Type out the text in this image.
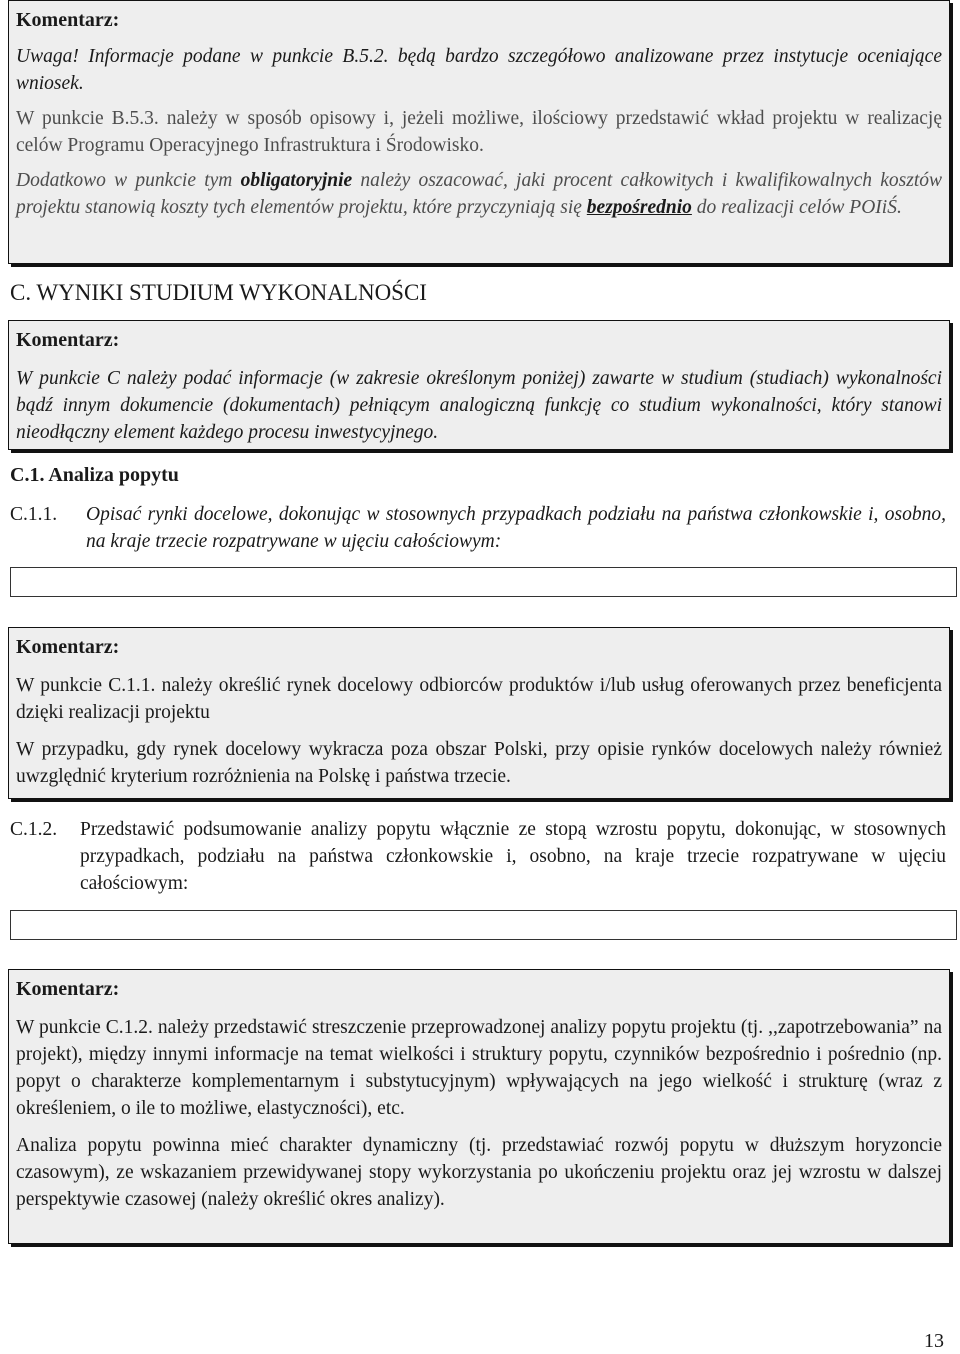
Komentarz:

Uwaga! Informacje podane w punkcie B.5.2. będą bardzo szczegółowo analizowane przez instytucje oceniające wniosek.

W punkcie B.5.3. należy w sposób opisowy i, jeżeli możliwe, ilościowy przedstawić wkład projektu w realizację celów Programu Operacyjnego Infrastruktura i Środowisko.

Dodatkowo w punkcie tym obligatoryjnie należy oszacować, jaki procent całkowitych i kwalifikowalnych kosztów projektu stanowią koszty tych elementów projektu, które przyczyniają się bezpośrednio do realizacji celów POIiŚ.

C. WYNIKI STUDIUM WYKONALNOŚCI
Komentarz:

W punkcie C należy podać informacje (w zakresie określonym poniżej) zawarte w studium (studiach) wykonalności bądź innym dokumencie (dokumentach) pełniącym analogiczną funkcję co studium wykonalności, który stanowi nieodłączny element każdego procesu inwestycyjnego.

C.1. Analiza popytu
C.1.1. Opisać rynki docelowe, dokonując w stosownych przypadkach podziału na państwa członkowskie i, osobno, na kraje trzecie rozpatrywane w ujęciu całościowym:
Komentarz:

W punkcie C.1.1. należy określić rynek docelowy odbiorców produktów i/lub usług oferowanych przez beneficjenta dzięki realizacji projektu

W przypadku, gdy rynek docelowy wykracza poza obszar Polski, przy opisie rynków docelowych należy również uwzględnić kryterium rozróżnienia na Polskę i państwa trzecie.

C.1.2. Przedstawić podsumowanie analizy popytu włącznie ze stopą wzrostu popytu, dokonując, w stosownych przypadkach, podziału na państwa członkowskie i, osobno, na kraje trzecie rozpatrywane w ujęciu całościowym:
Komentarz:

W punkcie C.1.2. należy przedstawić streszczenie przeprowadzonej analizy popytu projektu (tj. ,,zapotrzebowania” na projekt), między innymi informacje na temat wielkości i struktury popytu, czynników bezpośrednio i pośrednio (np. popyt o charakterze komplementarnym i substytucyjnym) wpływających na jego wielkość i strukturę (wraz z określeniem, o ile to możliwe, elastyczności), etc.

Analiza popytu powinna mieć charakter dynamiczny (tj. przedstawiać rozwój popytu w dłuższym horyzoncie czasowym), ze wskazaniem przewidywanej stopy wykorzystania po ukończeniu projektu oraz jej wzrostu w dalszej perspektywie czasowej (należy określić okres analizy).

13
